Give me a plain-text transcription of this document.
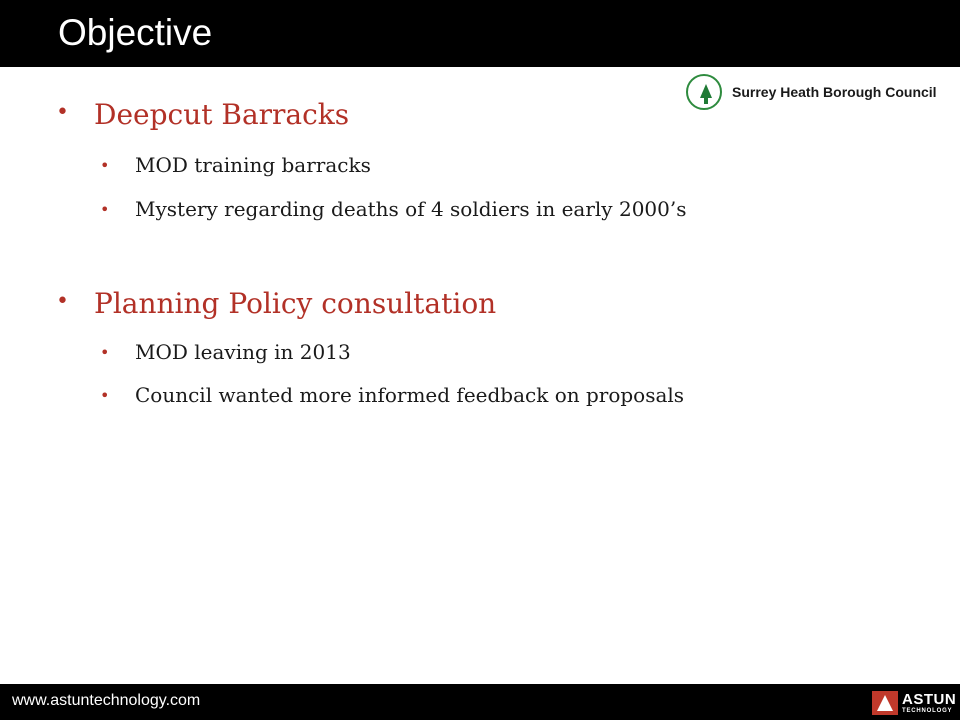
Objective
Surrey Heath Borough Council
• Deepcut Barracks
• MOD training barracks
• Mystery regarding deaths of 4 soldiers in early 2000’s
• Planning Policy consultation
• MOD leaving in 2013
• Council wanted more informed feedback on proposals
www.astuntechnology.com	ASTUN
TECHNOLOGY
